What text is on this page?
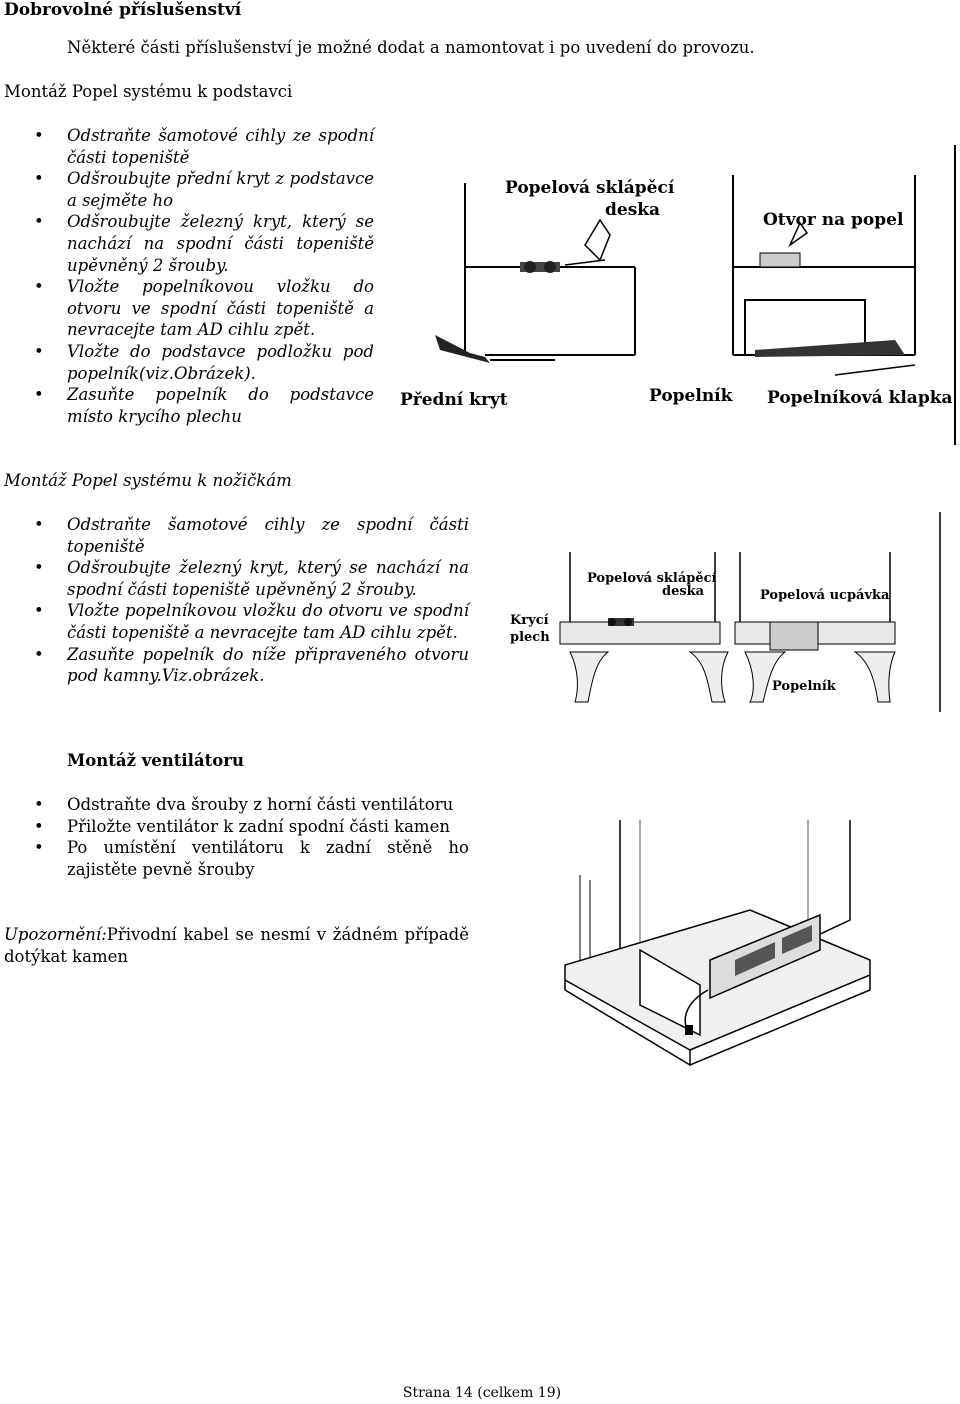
Dobrovolné příslušenství
Některé části příslušenství je možné dodat a namontovat i po uvedení do provozu.
Montáž Popel systému k podstavci
• Odstraňte šamotové cihly ze spodní části topeniště
• Odšroubujte přední kryt z podstavce a sejměte ho
• Odšroubujte železný kryt, který se nachází na spodní části topeniště upěvněný 2 šrouby.
• Vložte popelníkovou vložku do otvoru ve spodní části topeniště a nevracejte tam AD cihlu zpět.
• Vložte do podstavce podložku pod popelník(viz.Obrázek).
• Zasuňte popelník do podstavce místo krycího plechu
Popelová sklápěcí
deska	Otvor na popel
Přední kryt	Popelník Popelníková klapka
Montáž Popel systému k nožičkám
• Odstraňte šamotové cihly ze spodní části topeniště
• Odšroubujte železný kryt, který se nachází na spodní části topeniště upěvněný 2 šrouby.
• Vložte popelníkovou vložku do otvoru ve spodní části topeniště a nevracejte tam AD cihlu zpět.
• Zasuňte popelník do níže připraveného otvoru pod kamny.Viz.obrázek.
Popelová sklápěcí
deska	Popelová ucpávka
Krycí
plech
Popelník
Montáž ventilátoru
• Odstraňte dva šrouby z horní části ventilátoru
• Přiložte ventilátor k zadní spodní části kamen
• Po umístění ventilátoru k zadní stěně ho zajistěte pevně šrouby
Upozornění:Přivodní kabel se nesmí v žádném případě dotýkat kamen
Strana 14 (celkem 19)
